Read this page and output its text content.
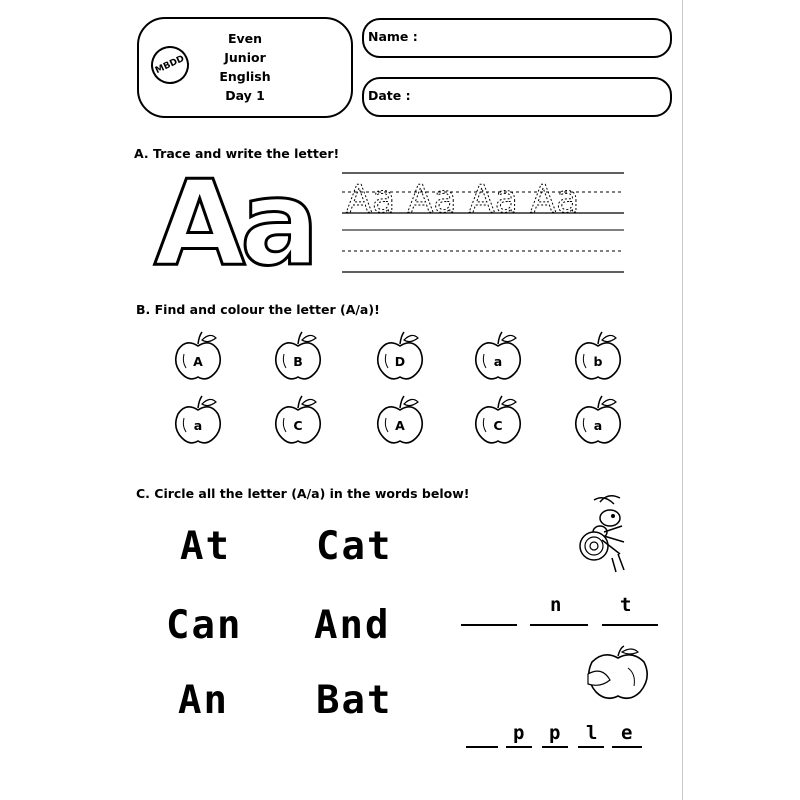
MBDD
Even
Junior
English
Day 1
Name :
Date :
A. Trace and write the letter!
A
a Aa Aa Aa Aa
B. Find and colour the letter (A/a)!
A	B	D	a	b
a	C	A	C	a
C. Circle all the letter (A/a) in the words below!
At Cat
Can And
An Bat
n	t
p p l e
